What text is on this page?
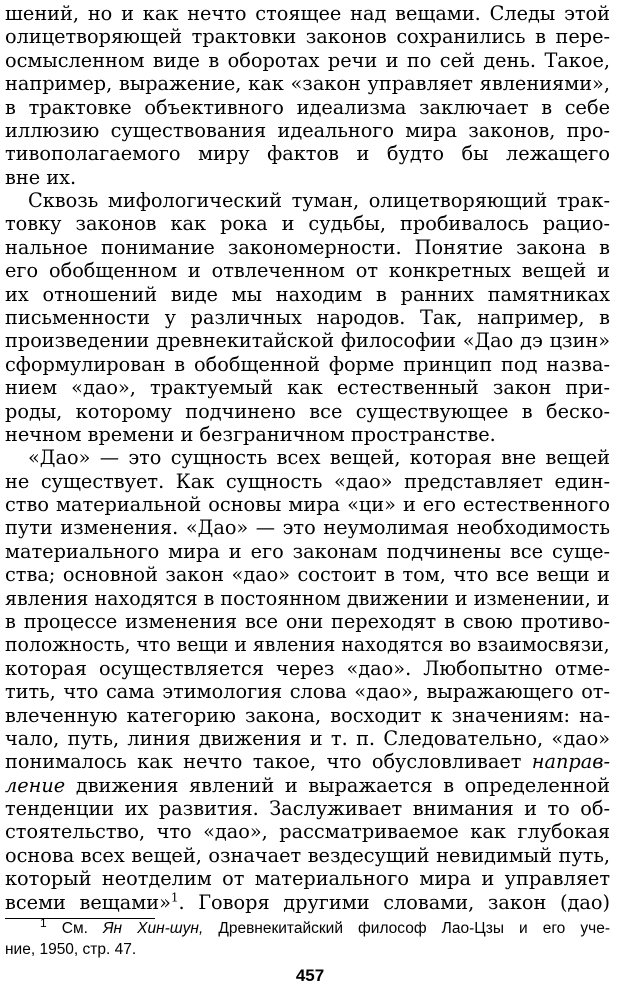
шений, но и как нечто стоящее над вещами. Следы этой
олицетворяющей трактовки законов сохранились в пере-
осмысленном виде в оборотах речи и по сей день. Такое,
например, выражение, как «закон управляет явлениями»,
в трактовке объективного идеализма заключает в себе
иллюзию существования идеального мира законов, про-
тивополагаемого миру фактов и будто бы лежащего
вне их.
Сквозь мифологический туман, олицетворяющий трак-
товку законов как рока и судьбы, пробивалось рацио-
нальное понимание закономерности. Понятие закона в
его обобщенном и отвлеченном от конкретных вещей и
их отношений виде мы находим в ранних памятниках
письменности у различных народов. Так, например, в
произведении древнекитайской философии «Дао дэ цзин»
сформулирован в обобщенной форме принцип под назва-
нием «дао», трактуемый как естественный закон при-
роды, которому подчинено все существующее в беско-
нечном времени и безграничном пространстве.
«Дао» — это сущность всех вещей, которая вне вещей
не существует. Как сущность «дао» представляет един-
ство материальной основы мира «ци» и его естественного
пути изменения. «Дао» — это неумолимая необходимость
материального мира и его законам подчинены все суще-
ства; основной закон «дао» состоит в том, что все вещи и
явления находятся в постоянном движении и изменении, и
в процессе изменения все они переходят в свою противо-
положность, что вещи и явления находятся во взаимосвязи,
которая осуществляется через «дао». Любопытно отме-
тить, что сама этимология слова «дао», выражающего от-
влеченную категорию закона, восходит к значениям: на-
чало, путь, линия движения и т. п. Следовательно, «дао»
понималось как нечто такое, что обусловливает направ-
ление движения явлений и выражается в определенной
тенденции их развития. Заслуживает внимания и то об-
стоятельство, что «дао», рассматриваемое как глубокая
основа всех вещей, означает вездесущий невидимый путь,
который неотделим от материального мира и управляет
всеми вещами»$^1$. Говоря другими словами, закон (дао)
457
$^1$ См. Ян Хин-шун, Древнекитайский философ Лао-Цзы и его уче-
ние, 1950, стр. 47.
